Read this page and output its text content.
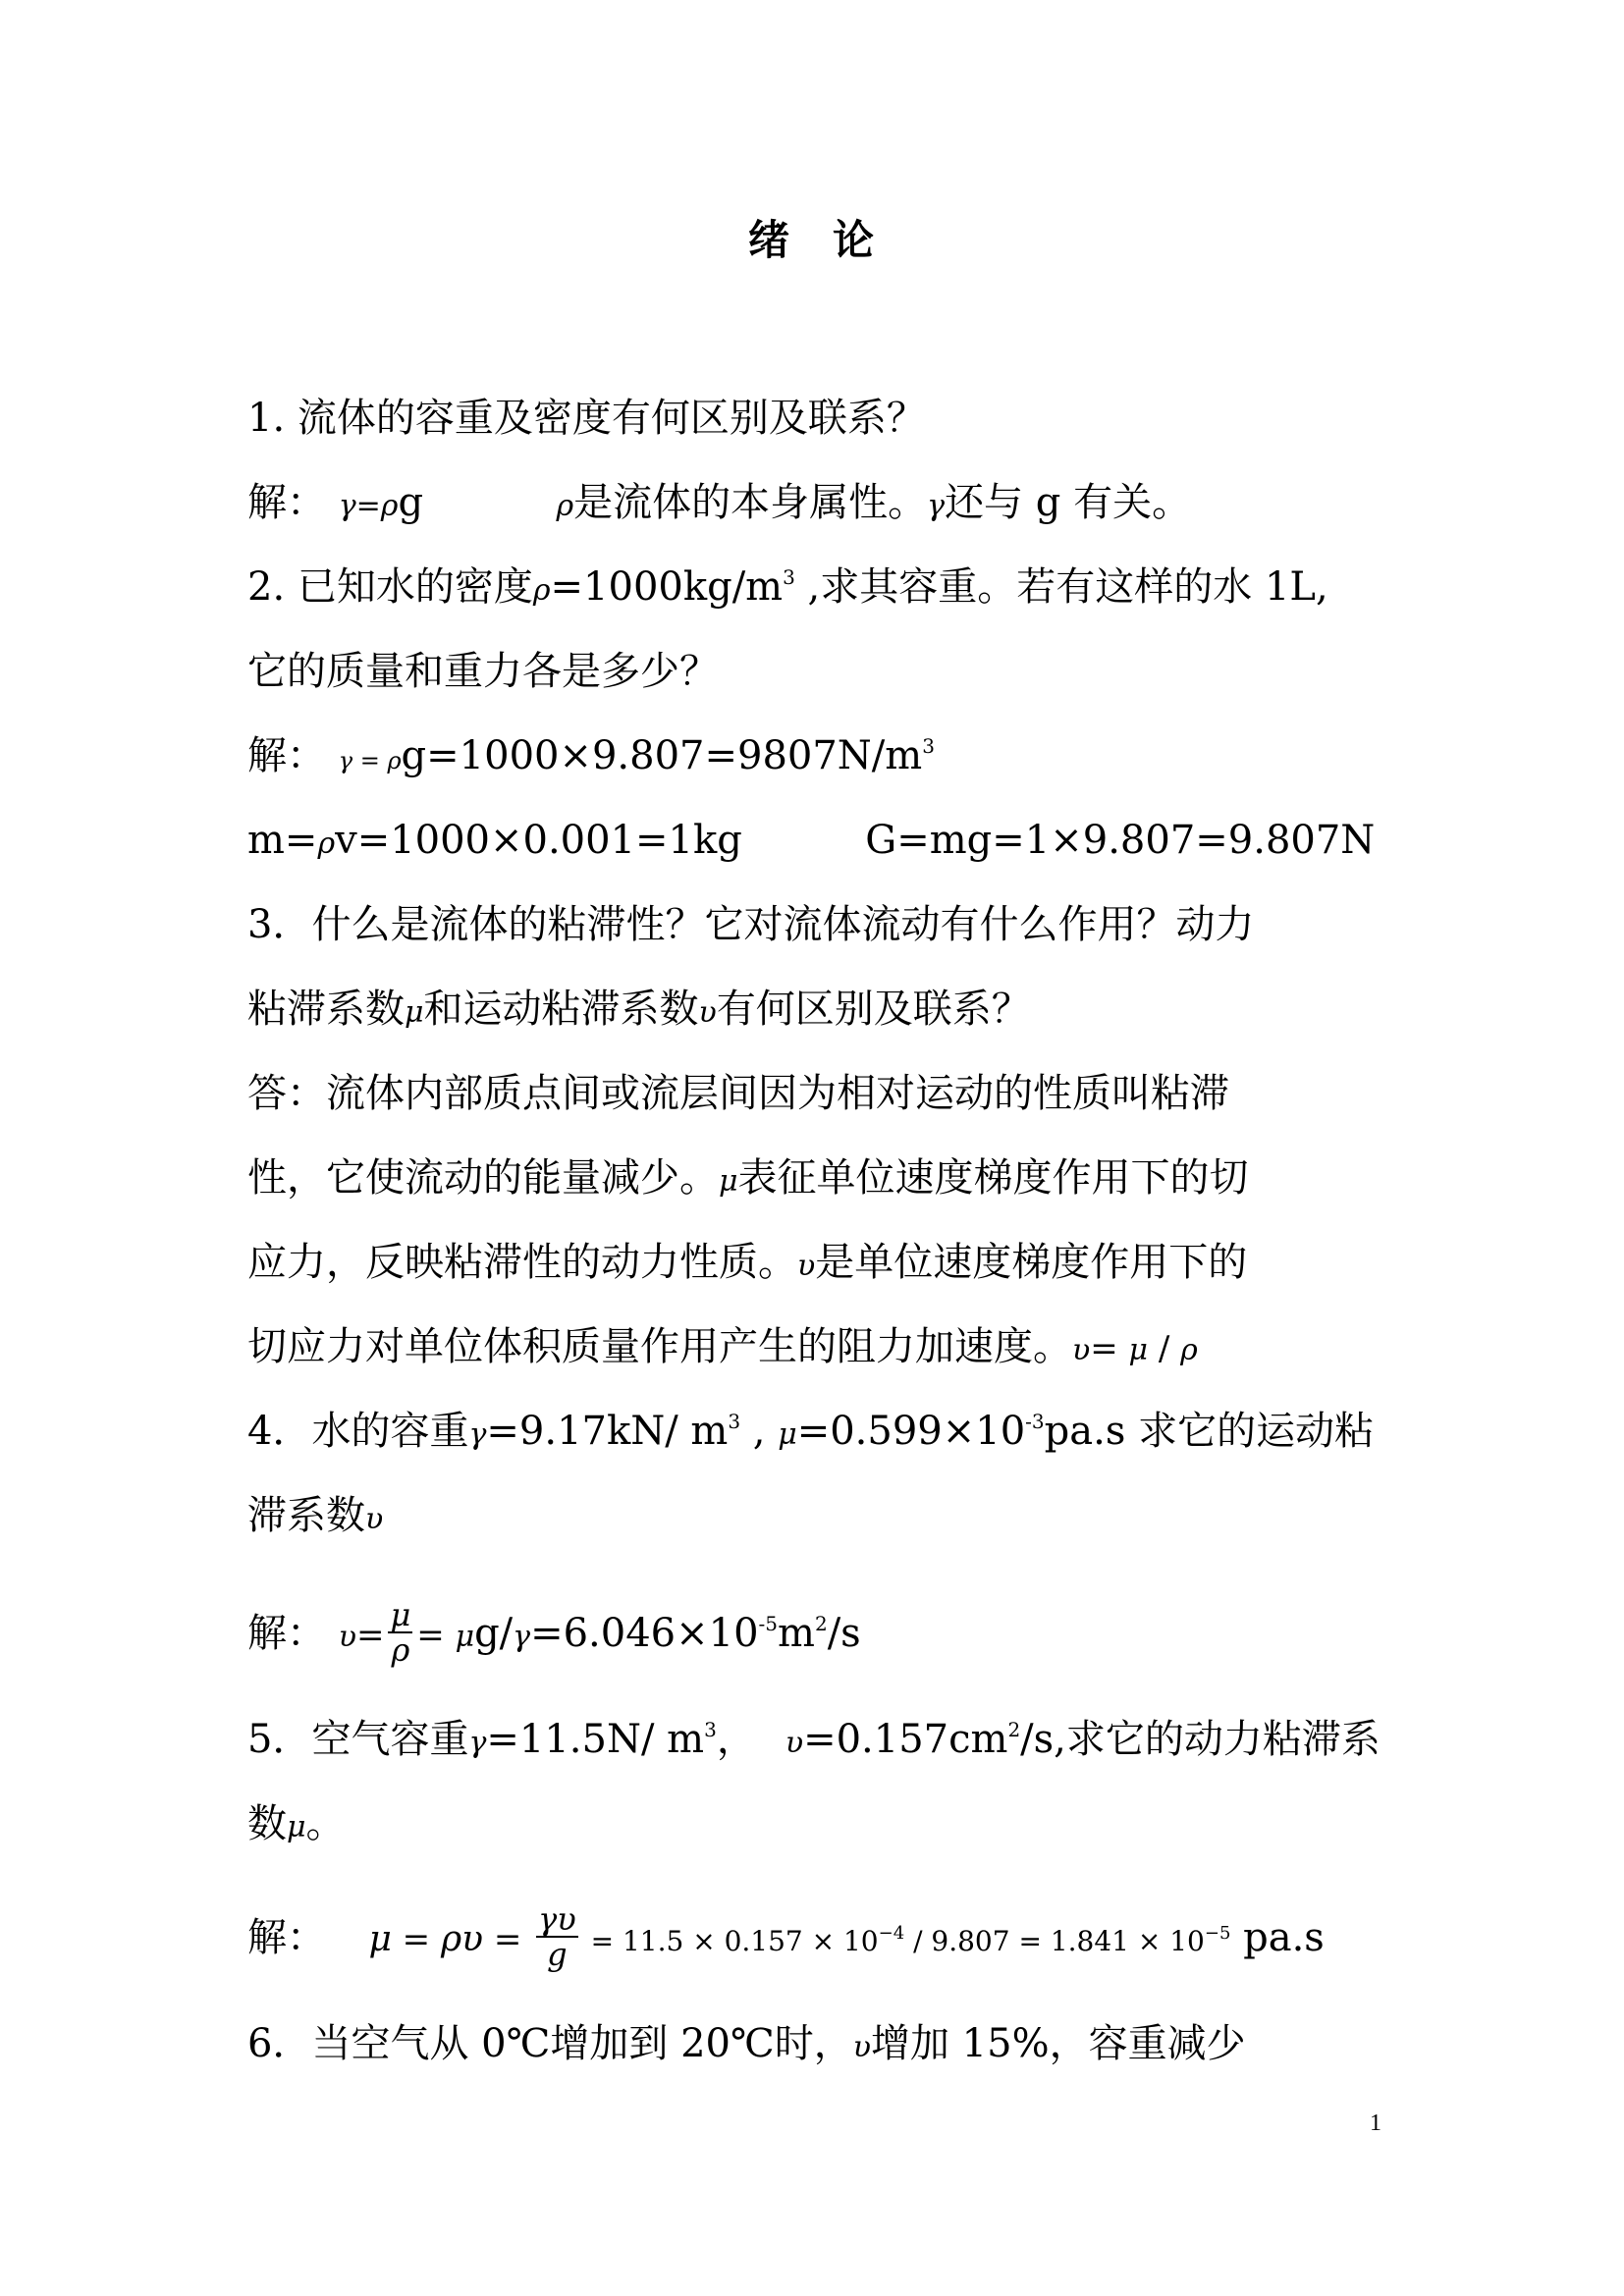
绪 论
1. 流体的容重及密度有何区别及联系？
解： γ=ρg	ρ是流体的本身属性。γ还与 g 有关。
2. 已知水的密度$\rho=1000kg/m^3$ ,求其容重。若有这样的水 1L,
它的质量和重力各是多少？
解： $\gamma = \rho g=1000\times 9.807=9807N/m^3$
m=ρv=1000×0.001=1kg	G=mg=1×9.807=9.807N
3．什么是流体的粘滞性？它对流体流动有什么作用？动力
粘滞系数μ和运动粘滞系数υ有何区别及联系？
答：流体内部质点间或流层间因为相对运动的性质叫粘滞
性，它使流动的能量减少。μ表征单位速度梯度作用下的切
应力，反映粘滞性的动力性质。υ是单位速度梯度作用下的
切应力对单位体积质量作用产生的阻力加速度。υ= μ / ρ
4．水的容重γ=9.17kN/ $m^3$ , $\mu=0.599\times 10^{-3}pa.s$ 求它的运动粘
滞系数υ
解： $\upsilon= \frac{\mu}{\rho} = \mu g/\gamma=6.046\times 10^{-5}m^2/s$
5．空气容重γ=11.5N/ $m^3$， $\upsilon=0.157cm^2/s$,求它的动力粘滞系
数μ。
解： $\mu = \rho\upsilon = \frac{\gamma\upsilon}{g} = 11.5 \times 0.157 \times 10^{-4} / 9.807 = 1.841 \times 10^{-5}$ pa.s
6．当空气从 0℃增加到 20℃时，υ增加 15%，容重减少
1
